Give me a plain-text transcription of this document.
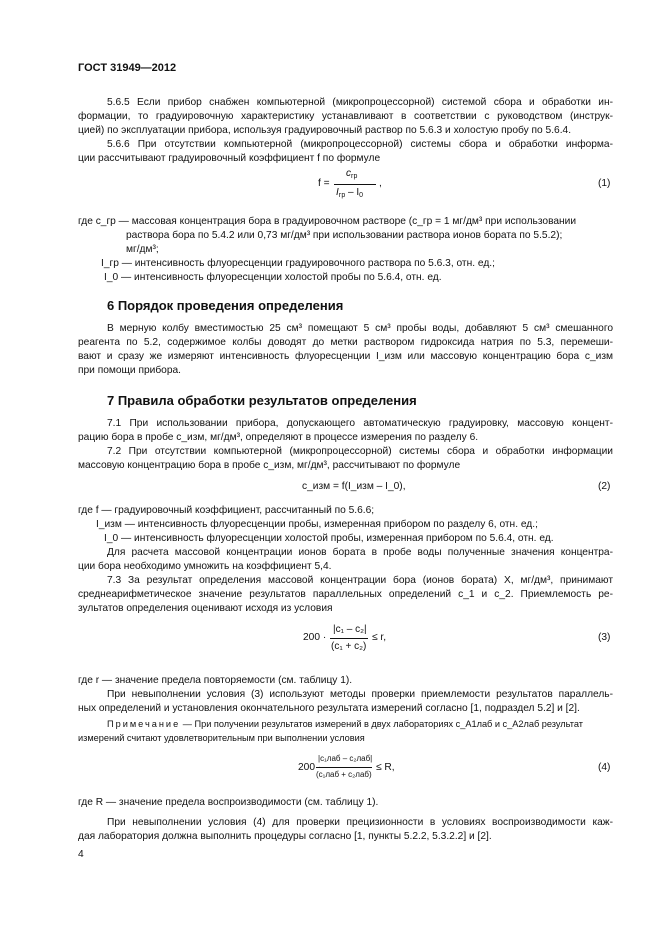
ГОСТ 31949—2012
5.6.5 Если прибор снабжен компьютерной (микропроцессорной) системой сбора и обработки ин-
формации, то градуировочную характеристику устанавливают в соответствии с руководством (инструк-
цией) по эксплуатации прибора, используя градуировочный раствор по 5.6.3 и холостую пробу по 5.6.4.
5.6.6 При отсутствии компьютерной (микропроцессорной) системы сбора и обработки информа-
ции рассчитывают градуировочный коэффициент f по формуле
f =
$c_{гр}$
$I_{гр} - I_0$
,	(1)
где c_гр — массовая концентрация бора в градуировочном растворе (c_гр = 1 мг/дм³ при использовании
раствора бора по 5.4.2 или 0,73 мг/дм³ при использовании раствора ионов бората по 5.5.2);
мг/дм³;
I_гр — интенсивность флуоресценции градуировочного раствора по 5.6.3, отн. ед.;
I_0 — интенсивность флуоресценции холостой пробы по 5.6.4, отн. ед.
6 Порядок проведения определения
В мерную колбу вместимостью 25 см³ помещают 5 см³ пробы воды, добавляют 5 см³ смешанного
реагента по 5.2, содержимое колбы доводят до метки раствором гидроксида натрия по 5.3, перемеши-
вают и сразу же измеряют интенсивность флуоресценции I_изм или массовую концентрацию бора c_изм
при помощи прибора.
7 Правила обработки результатов определения
7.1 При использовании прибора, допускающего автоматическую градуировку, массовую концент-
рацию бора в пробе c_изм, мг/дм³, определяют в процессе измерения по разделу 6.
7.2 При отсутствии компьютерной (микропроцессорной) системы сбора и обработки информации
массовую концентрацию бора в пробе c_изм, мг/дм³, рассчитывают по формуле
c_изм = f(I_изм – I_0),	(2)
где f — градуировочный коэффициент, рассчитанный по 5.6.6;
I_изм — интенсивность флуоресценции пробы, измеренная прибором по разделу 6, отн. ед.;
I_0 — интенсивность флуоресценции холостой пробы, измеренная прибором по 5.6.4, отн. ед.
Для расчета массовой концентрации ионов бората в пробе воды полученные значения концентра-
ции бора необходимо умножить на коэффициент 5,4.
7.3 За результат определения массовой концентрации бора (ионов бората) X, мг/дм³, принимают
среднеарифметическое значение результатов параллельных определений c_1 и c_2. Приемлемость ре-
зультатов определения оценивают исходя из условия
200 ·
|c₁ – c₂|
(c₁ + c₂)
≤ r,	(3)
где r — значение предела повторяемости (см. таблицу 1).
При невыполнении условия (3) используют методы проверки приемлемости результатов параллель-
ных определений и установления окончательного результата измерений согласно [1, подраздел 5.2] и [2].
Примечание — При получении результатов измерений в двух лабораториях c_A1лаб и c_A2лаб результат
измерений считают удовлетворительным при выполнении условия
200 ·
|c₁лаб – c₂лаб|
(c₁лаб + c₂лаб)
≤ R,	(4)
где R — значение предела воспроизводимости (см. таблицу 1).
При невыполнении условия (4) для проверки прецизионности в условиях воспроизводимости каж-
дая лаборатория должна выполнить процедуры согласно [1, пункты 5.2.2, 5.3.2.2] и [2].
4
